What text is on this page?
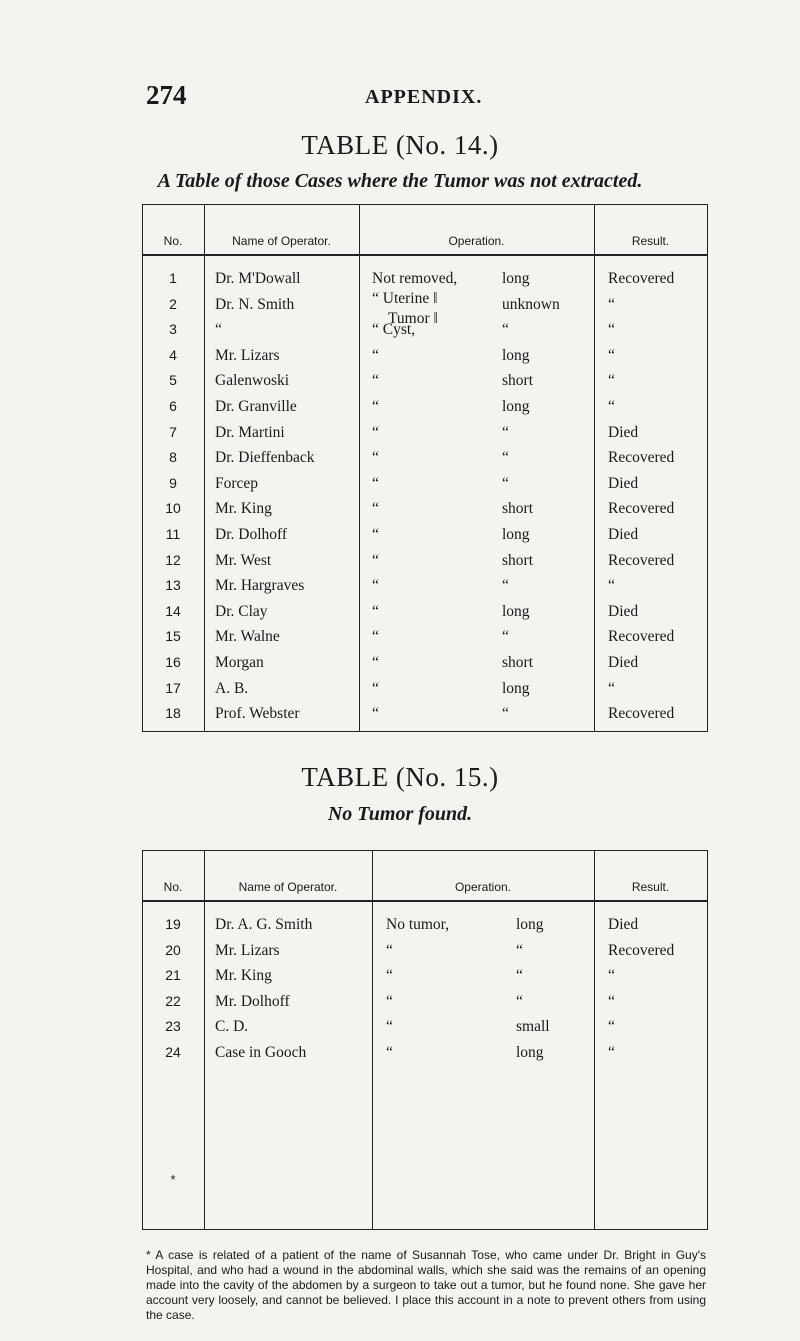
274	APPENDIX.
TABLE (No. 14.)
A Table of those Cases where the Tumor was not extracted.
No.	Name of Operator.	Operation.	Result.
1	Dr. M'Dowall	Not removed,	long	Recovered
2	Dr. N. Smith	“ Uterine ‖	unknown	“
Tumor ‖
3	“	“ Cyst,	“	“
4	Mr. Lizars	“	long	“
5	Galenwoski	“	short	“
6	Dr. Granville	“	long	“
7	Dr. Martini	“	“	Died
8	Dr. Dieffenback	“	“	Recovered
9	Forcep	“	“	Died
10	Mr. King	“	short	Recovered
11	Dr. Dolhoff	“	long	Died
12	Mr. West	“	short	Recovered
13	Mr. Hargraves	“	“	“
14	Dr. Clay	“	long	Died
15	Mr. Walne	“	“	Recovered
16	Morgan	“	short	Died
17	A. B.	“	long	“
18	Prof. Webster	“	“	Recovered
TABLE (No. 15.)
No Tumor found.
No.	Name of Operator.	Operation.	Result.
19	Dr. A. G. Smith	No tumor,	long	Died
20	Mr. Lizars	“	“	Recovered
21	Mr. King	“	“	“
22	Mr. Dolhoff	“	“	“
23	C. D.	“	small	“
24	Case in Gooch	“	long	“
*
* A case is related of a patient of the name of Susannah Tose, who came under Dr. Bright in Guy's Hospital, and who had a wound in the abdominal walls, which she said was the remains of an opening made into the cavity of the abdomen by a surgeon to take out a tumor, but he found none. She gave her account very loosely, and cannot be believed. I place this account in a note to prevent others from using the case.
